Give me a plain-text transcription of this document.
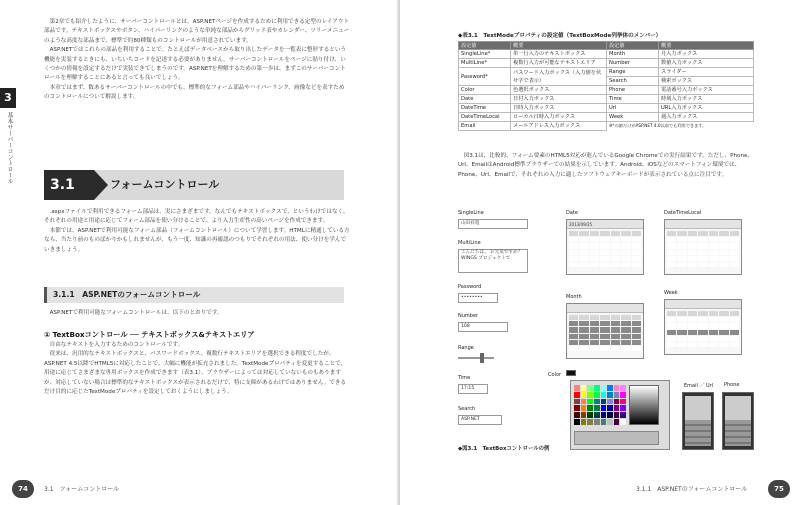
第2章でも紹介したように、サーバーコントロールとは、ASP.NETページを作成するために利用できる定型のレイアウト部品です。テキストボックスやボタン、ハイパーリンクのような単純な部品からグリッド表やカレンダー、ツリーメニューのような高度な部品まで、標準で約80種類ものコントロールが用意されています。

ASP.NETではこれらの部品を利用することで、たとえばデータベースから取り出したデータを一覧表に整形するという機能を実装するときにも、いちいちコードを記述する必要がありません。サーバーコントロールをページに貼り付け、いくつかの情報を設定するだけで実装できてしまうのです。ASP.NETを理解するための第一歩は、まずこのサーバーコントロールを理解することにあると言っても良いでしょう。

本章ではまず、数あるサーバーコントロールの中でも、標準的なフォーム部品やハイパーリンク、画像などを表すためのコントロールについて解説します。

3
基本サーバーコントロール
3.1	フォームコントロール

.aspxファイルで利用できるフォーム部品は、実にさまざまです。なんでもテキストボックスで、というわけではなく、それぞれの用途と用途に応じてフォーム部品を使い分けることで、より入力生産性の高いページを作成できます。

本節では、ASP.NETで利用可能なフォーム部品（フォームコントロール）について学習します。HTMLに精通している方なら、当たり前のものばかりかもしれませんが、もう一度、知識の再確認のつもりでそれぞれの用法、使い分けを学んでいきましょう。

3.1.1　ASP.NETのフォームコントロール

ASP.NETで利用可能なフォームコントロールは、以下のとおりです。

① TextBoxコントロール ── テキストボックス&テキストエリア

自由なテキストを入力するためのコントロールです。

従来は、汎用的なテキストボックスと、パスワードボックス、複数行テキストエリアを選択できる程度でしたが、ASP.NET 4.5以降でHTML5に対応したことで、大幅に機能が拡充されました。TextModeプロパティを変更することで、用途に応じてさまざまな専用ボックスを作成できます（表3.1）。ブラウザーによっては対応していないものもありますが、対応していない場合は標準的なテキストボックスが表示されるだけで、特に支障があるわけではありません。できるだけ目的に応じたTextModeプロパティを設定しておくようにしましょう。

74	3.1　フォームコントロール
◆表3.1　TextModeプロパティの設定値（TextBoxMode列挙体のメンバー）
設定値	概要	設定値	概要
SingleLine*	単一行入力のテキストボックス	Month	月入力ボックス
MultiLine*	複数行入力が可能なテキストエリア	Number	数値入力ボックス
Password*	パスワード入力ボックス（入力値を伏せ字で表示）	Range	スライダー
		Search	検索ボックス
Color	色選択ボックス	Phone	電話番号入力ボックス
Date	日付入力ボックス	Time	時刻入力ボックス
DateTime	日時入力ボックス	Url	URL入力ボックス
DateTimeLocal	ローカル日時入力ボックス	Week	週入力ボックス
Email	メールアドレス入力ボックス	※*の値だけがASP.NET 4.0以前でも利用できます。	

図3.1は、比較的、フォーム要素のHTML5対応が進んでいるGoogle Chromeでの実行結果です。ただし、Phone、Url、EmailはAndroid標準ブラウザーでの結果を示しています。Android、iOSなどのスマートフォン環境では、Phone、Url、Emailで、それぞれの入力に適したソフトウェアキーボードが表示されている点に注目です。

SingleLine
山田祥寛
MultiLine
こんにちは。 お元気ですか？ WINGS プロジェクトで
Password
••••••••
Number
108
Range
Time
17:15
Search
ASP.NET
Date
2013/09/25
DateTimeLocal
Month
Week
Color
Email ／ Url Phone
◆図3.1　TextBoxコントロールの例
3.1.1　ASP.NETのフォームコントロール	75
